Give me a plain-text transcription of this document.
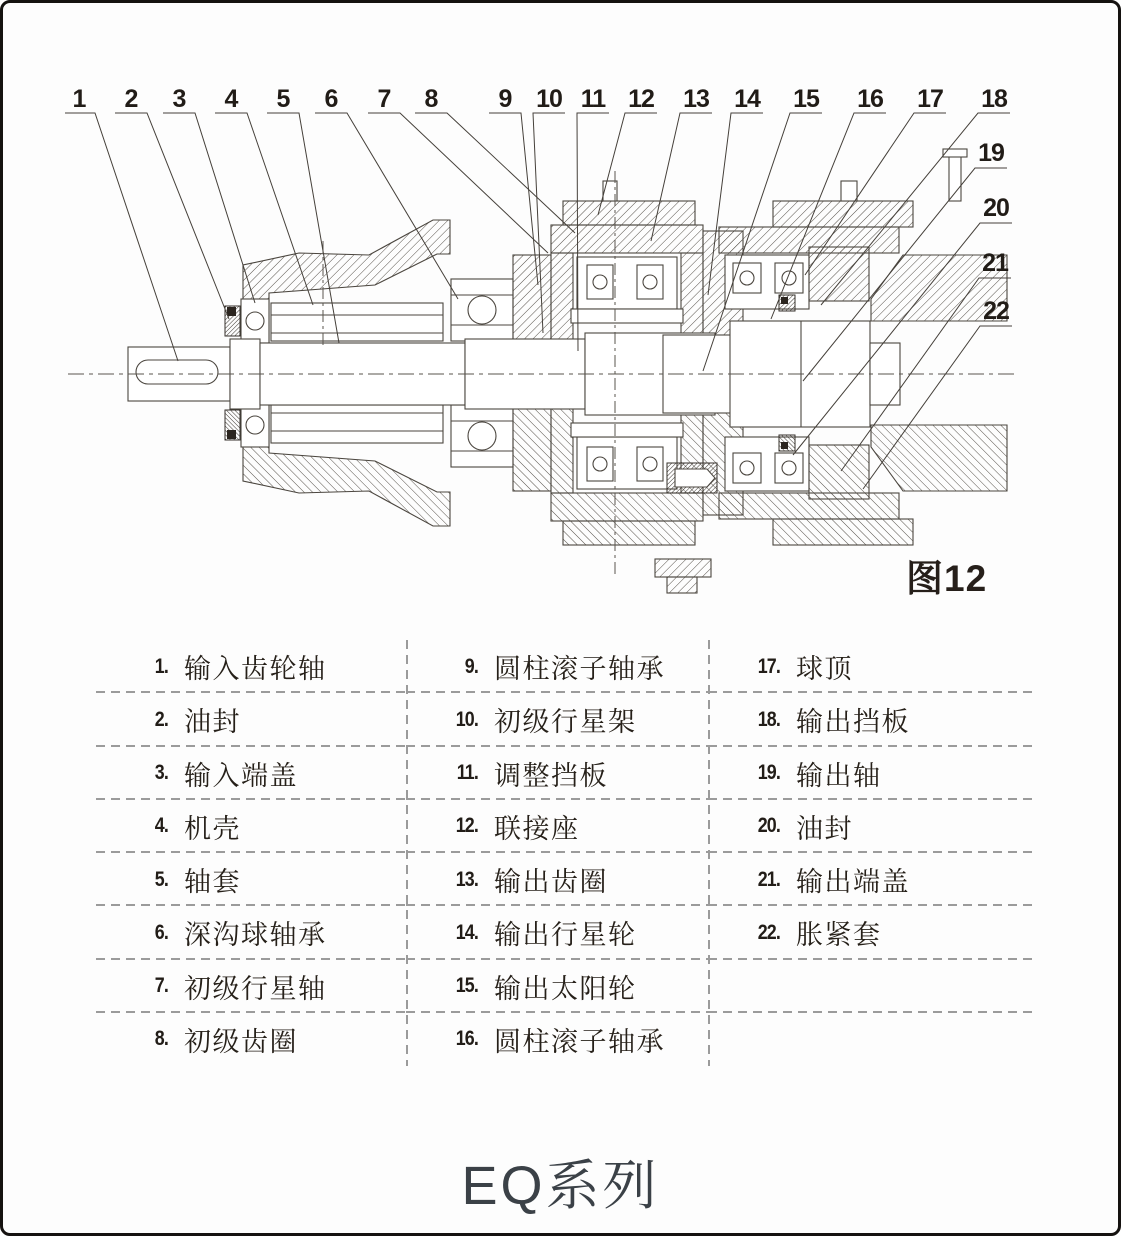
1 2 3 4 5 6 7 8 9 10 11 12 13 14 15 16 17 18
19
20
21
22
图12
1. 输入齿轮轴
2. 油封
3. 输入端盖
4. 机壳
5. 轴套
6. 深沟球轴承
7. 初级行星轴
8. 初级齿圈
9. 圆柱滚子轴承
10. 初级行星架
11. 调整挡板
12. 联接座
13. 输出齿圈
14. 输出行星轮
15. 输出太阳轮
16. 圆柱滚子轴承
17. 球顶
18. 输出挡板
19. 输出轴
20. 油封
21. 输出端盖
22. 胀紧套
EQ系列
